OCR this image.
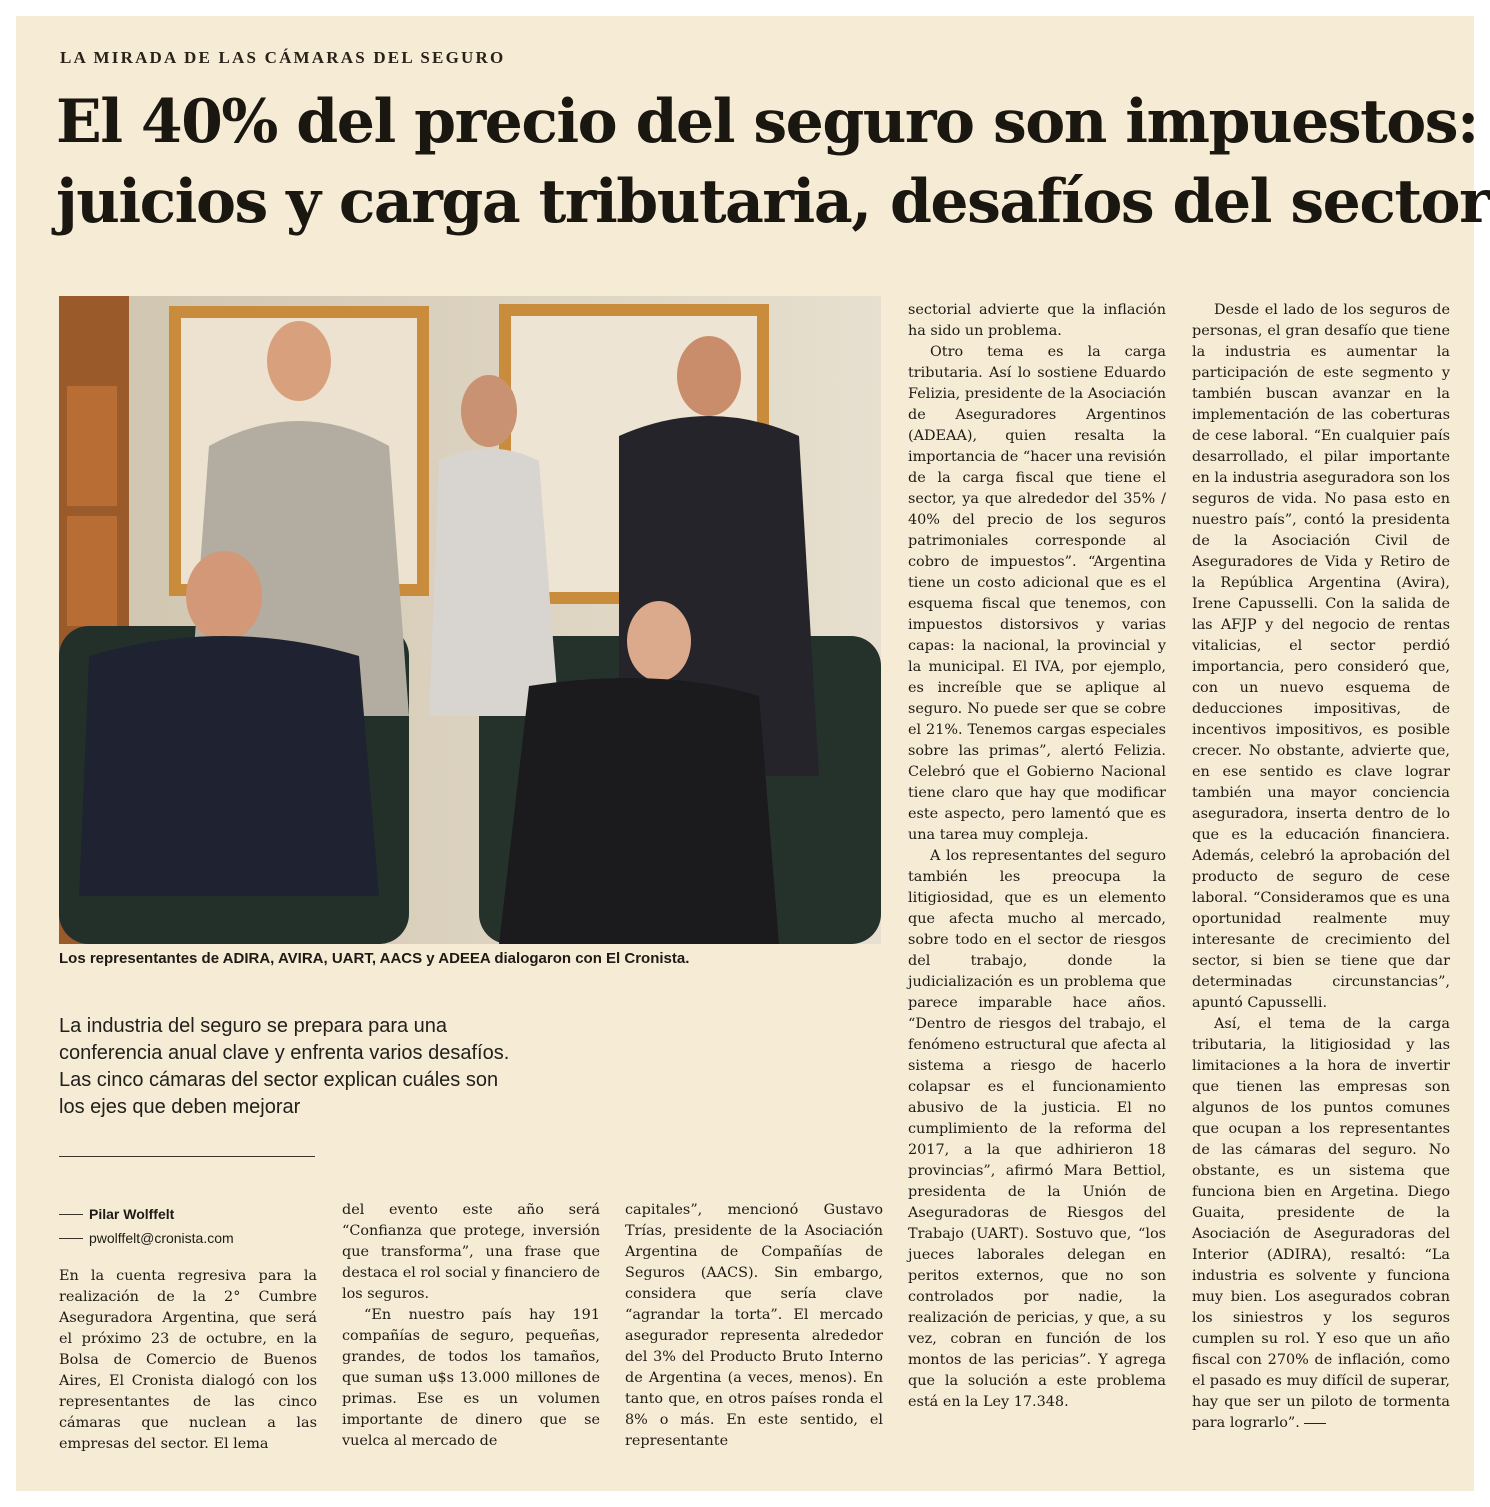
LA MIRADA DE LAS CÁMARAS DEL SEGURO
El 40% del precio del seguro son impuestos:
juicios y carga tributaria, desafíos del sector
Los representantes de ADIRA, AVIRA, UART, AACS y ADEEA dialogaron con El Cronista.
La industria del seguro se prepara para una conferencia anual clave y enfrenta varios desafíos. Las cinco cámaras del sector explican cuáles son los ejes que deben mejorar
Pilar Wolffelt
pwolffelt@cronista.com

En la cuenta regresiva para la realización de la 2° Cumbre Aseguradora Argentina, que será el próximo 23 de octubre, en la Bolsa de Comercio de Buenos Aires, El Cronista dialogó con los representantes de las cinco cámaras que nuclean a las empresas del sector. El lema

del evento este año será “Confianza que protege, inversión que transforma”, una frase que destaca el rol social y financiero de los seguros.

“En nuestro país hay 191 compañías de seguro, pequeñas, grandes, de todos los tamaños, que suman u$s 13.000 millones de primas. Ese es un volumen importante de dinero que se vuelca al mercado de

capitales”, mencionó Gustavo Trías, presidente de la Asociación Argentina de Compañías de Seguros (AACS). Sin embargo, considera que sería clave “agrandar la torta”. El mercado asegurador representa alrededor del 3% del Producto Bruto Interno de Argentina (a veces, menos). En tanto que, en otros países ronda el 8% o más. En este sentido, el representante

sectorial advierte que la inflación ha sido un problema.

Otro tema es la carga tributaria. Así lo sostiene Eduardo Felizia, presidente de la Asociación de Aseguradores Argentinos (ADEAA), quien resalta la importancia de “hacer una revisión de la carga fiscal que tiene el sector, ya que alrededor del 35% / 40% del precio de los seguros patrimoniales corresponde al cobro de impuestos”. “Argentina tiene un costo adicional que es el esquema fiscal que tenemos, con impuestos distorsivos y varias capas: la nacional, la provincial y la municipal. El IVA, por ejemplo, es increíble que se aplique al seguro. No puede ser que se cobre el 21%. Tenemos cargas especiales sobre las primas”, alertó Felizia. Celebró que el Gobierno Nacional tiene claro que hay que modificar este aspecto, pero lamentó que es una tarea muy compleja.

A los representantes del seguro también les preocupa la litigiosidad, que es un elemento que afecta mucho al mercado, sobre todo en el sector de riesgos del trabajo, donde la judicialización es un problema que parece imparable hace años. “Dentro de riesgos del trabajo, el fenómeno estructural que afecta al sistema a riesgo de hacerlo colapsar es el funcionamiento abusivo de la justicia. El no cumplimiento de la reforma del 2017, a la que adhirieron 18 provincias”, afirmó Mara Bettiol, presidenta de la Unión de Aseguradoras de Riesgos del Trabajo (UART). Sostuvo que, “los jueces laborales delegan en peritos externos, que no son controlados por nadie, la realización de pericias, y que, a su vez, cobran en función de los montos de las pericias”. Y agrega que la solución a este problema está en la Ley 17.348.

Desde el lado de los seguros de personas, el gran desafío que tiene la industria es aumentar la participación de este segmento y también buscan avanzar en la implementación de las coberturas de cese laboral. “En cualquier país desarrollado, el pilar importante en la industria aseguradora son los seguros de vida. No pasa esto en nuestro país”, contó la presidenta de la Asociación Civil de Aseguradores de Vida y Retiro de la República Argentina (Avira), Irene Capusselli. Con la salida de las AFJP y del negocio de rentas vitalicias, el sector perdió importancia, pero consideró que, con un nuevo esquema de deducciones impositivas, de incentivos impositivos, es posible crecer. No obstante, advierte que, en ese sentido es clave lograr también una mayor conciencia aseguradora, inserta dentro de lo que es la educación financiera. Además, celebró la aprobación del producto de seguro de cese laboral. “Consideramos que es una oportunidad realmente muy interesante de crecimiento del sector, si bien se tiene que dar determinadas circunstancias”, apuntó Capusselli.

Así, el tema de la carga tributaria, la litigiosidad y las limitaciones a la hora de invertir que tienen las empresas son algunos de los puntos comunes que ocupan a los representantes de las cámaras del seguro. No obstante, es un sistema que funciona bien en Argetina. Diego Guaita, presidente de la Asociación de Aseguradoras del Interior (ADIRA), resaltó: “La industria es solvente y funciona muy bien. Los asegurados cobran los siniestros y los seguros cumplen su rol. Y eso que un año fiscal con 270% de inflación, como el pasado es muy difícil de superar, hay que ser un piloto de tormenta para lograrlo”.
